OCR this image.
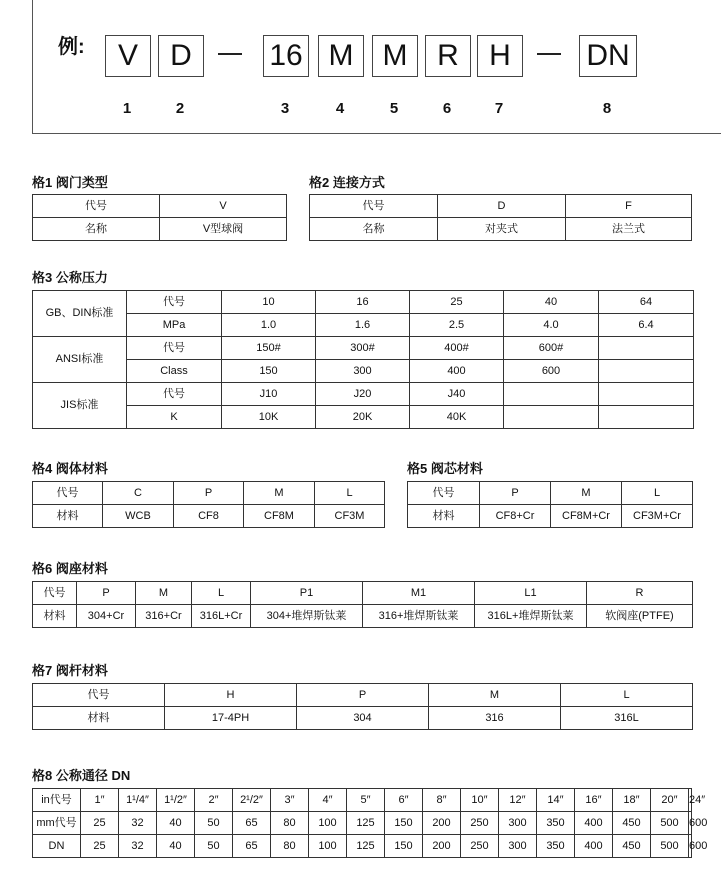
例:	V	D	16 M M R	H	DN
1	2	3	4	5	6	7	8
格1 阀门类型
代号	V
名称	V型球阀
格2 连接方式
代号	D	F
名称	对夹式	法兰式
格3 公称压力
GB、DIN标准	代号	10	16	25	40	64
	MPa	1.0	1.6	2.5	4.0	6.4
ANSI标准	代号	150#	300#	400#	600#	
	Class	150	300	400	600	
JIS标准	代号	J10	J20	J40		
	K	10K	20K	40K		
格4 阀体材料
代号	C	P	M	L
材料	WCB	CF8	CF8M	CF3M
格5 阀芯材料
代号	P	M	L
材料	CF8+Cr	CF8M+Cr	CF3M+Cr
格6 阀座材料
代号	P	M	L	P1	M1	L1	R
材料	304+Cr	316+Cr	316L+Cr	304+堆焊斯钛莱	316+堆焊斯钛莱	316L+堆焊斯钛莱	软阀座(PTFE)
格7 阀杆材料
代号	H	P	M	L
材料	17-4PH	304	316	316L
格8 公称通径 DN
in代号	1″	1¹/4″	1¹/2″	2″	2¹/2″	3″	4″	5″	6″	8″	10″	12″	14″	16″	18″	20″	24″
mm代号	25	32	40	50	65	80	100	125	150	200	250	300	350	400	450	500	600
DN	25	32	40	50	65	80	100	125	150	200	250	300	350	400	450	500	600
